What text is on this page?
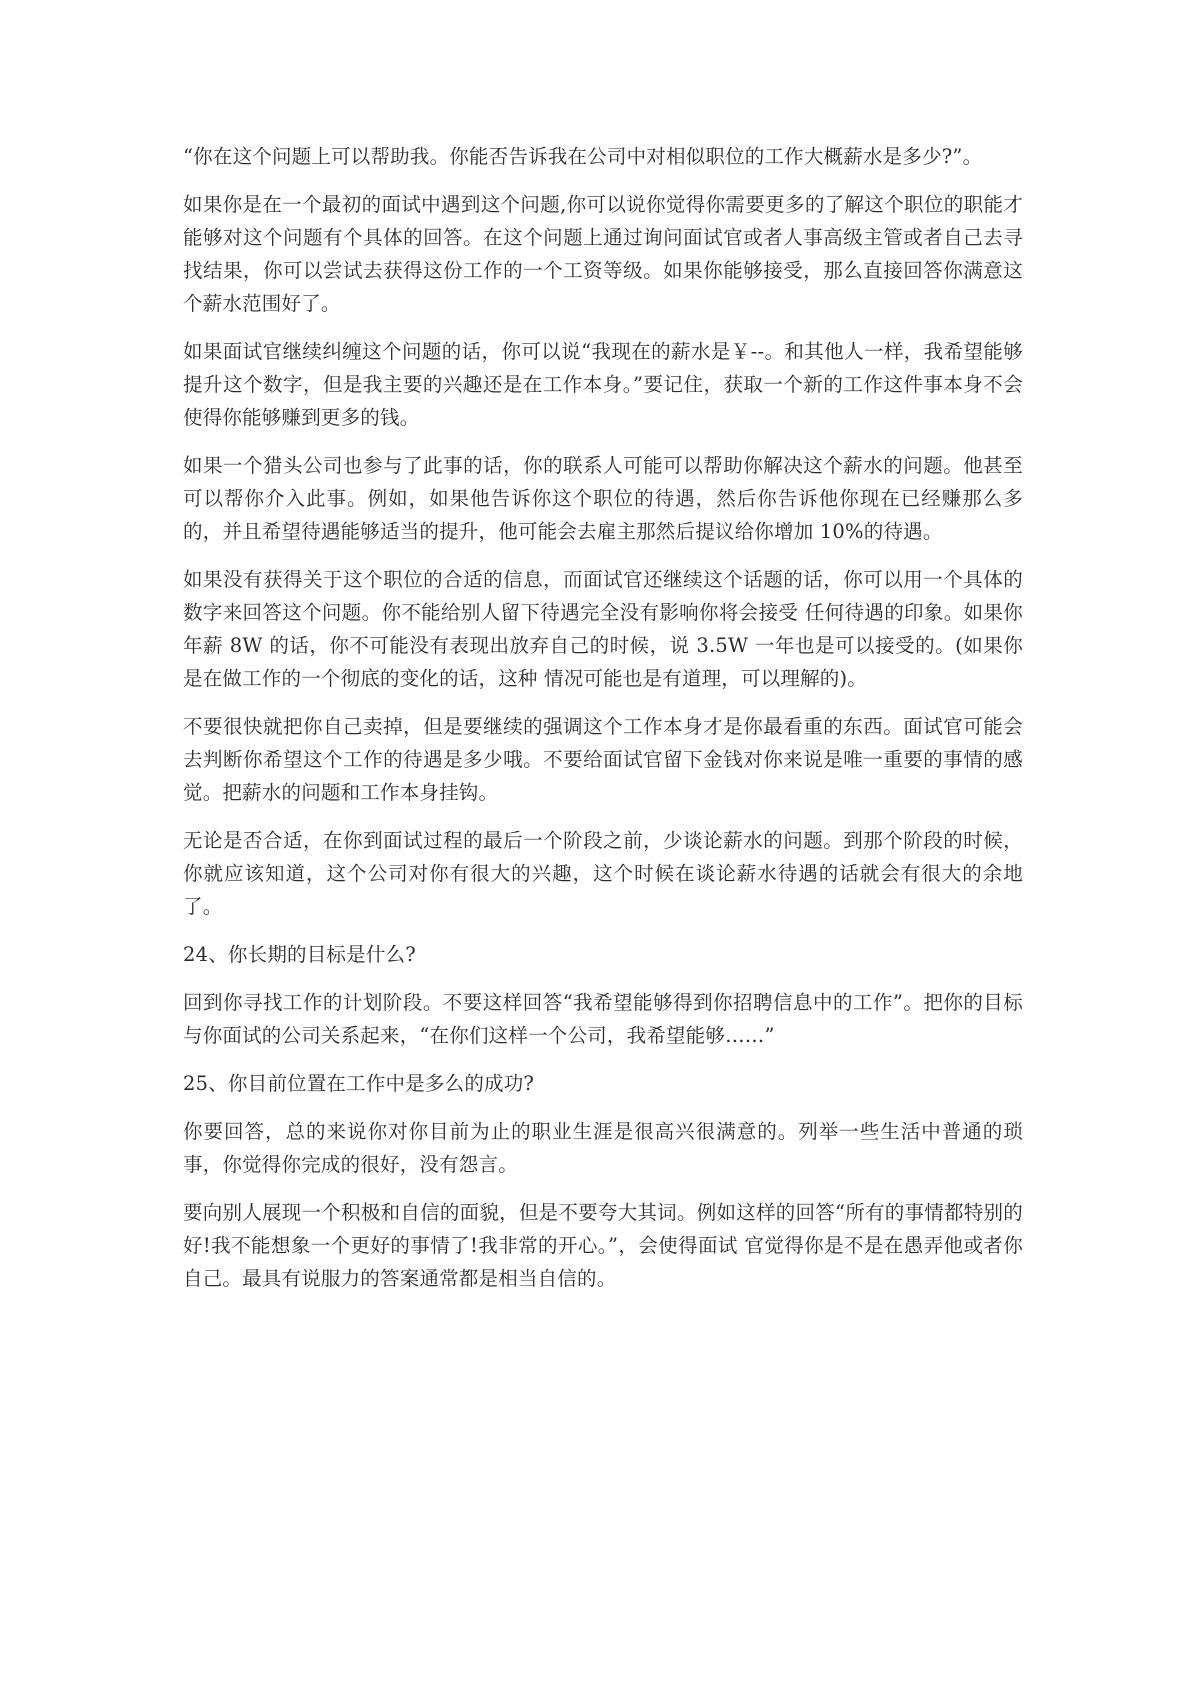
“你在这个问题上可以帮助我。你能否告诉我在公司中对相似职位的工作大概薪水是多少?”。

如果你是在一个最初的面试中遇到这个问题,你可以说你觉得你需要更多的了解这个职位的职能才能够对这个问题有个具体的回答。在这个问题上通过询问面试官或者人事高级主管或者自己去寻找结果，你可以尝试去获得这份工作的一个工资等级。如果你能够接受，那么直接回答你满意这个薪水范围好了。

如果面试官继续纠缠这个问题的话，你可以说“我现在的薪水是￥--。和其他人一样，我希望能够提升这个数字，但是我主要的兴趣还是在工作本身。”要记住，获取一个新的工作这件事本身不会使得你能够赚到更多的钱。

如果一个猎头公司也参与了此事的话，你的联系人可能可以帮助你解决这个薪水的问题。他甚至可以帮你介入此事。例如，如果他告诉你这个职位的待遇，然后你告诉他你现在已经赚那么多的，并且希望待遇能够适当的提升，他可能会去雇主那然后提议给你增加 10%的待遇。

如果没有获得关于这个职位的合适的信息，而面试官还继续这个话题的话，你可以用一个具体的数字来回答这个问题。你不能给别人留下待遇完全没有影响你将会接受 任何待遇的印象。如果你年薪 8W 的话，你不可能没有表现出放弃自己的时候，说 3.5W 一年也是可以接受的。(如果你是在做工作的一个彻底的变化的话，这种 情况可能也是有道理，可以理解的)。

不要很快就把你自己卖掉，但是要继续的强调这个工作本身才是你最看重的东西。面试官可能会去判断你希望这个工作的待遇是多少哦。不要给面试官留下金钱对你来说是唯一重要的事情的感觉。把薪水的问题和工作本身挂钩。

无论是否合适，在你到面试过程的最后一个阶段之前，少谈论薪水的问题。到那个阶段的时候，你就应该知道，这个公司对你有很大的兴趣，这个时候在谈论薪水待遇的话就会有很大的余地了。

24、你长期的目标是什么?

回到你寻找工作的计划阶段。不要这样回答“我希望能够得到你招聘信息中的工作”。把你的目标与你面试的公司关系起来，“在你们这样一个公司，我希望能够……”

25、你目前位置在工作中是多么的成功?

你要回答，总的来说你对你目前为止的职业生涯是很高兴很满意的。列举一些生活中普通的琐事，你觉得你完成的很好，没有怨言。

要向别人展现一个积极和自信的面貌，但是不要夸大其词。例如这样的回答“所有的事情都特别的好!我不能想象一个更好的事情了!我非常的开心。”，会使得面试 官觉得你是不是在愚弄他或者你自己。最具有说服力的答案通常都是相当自信的。
